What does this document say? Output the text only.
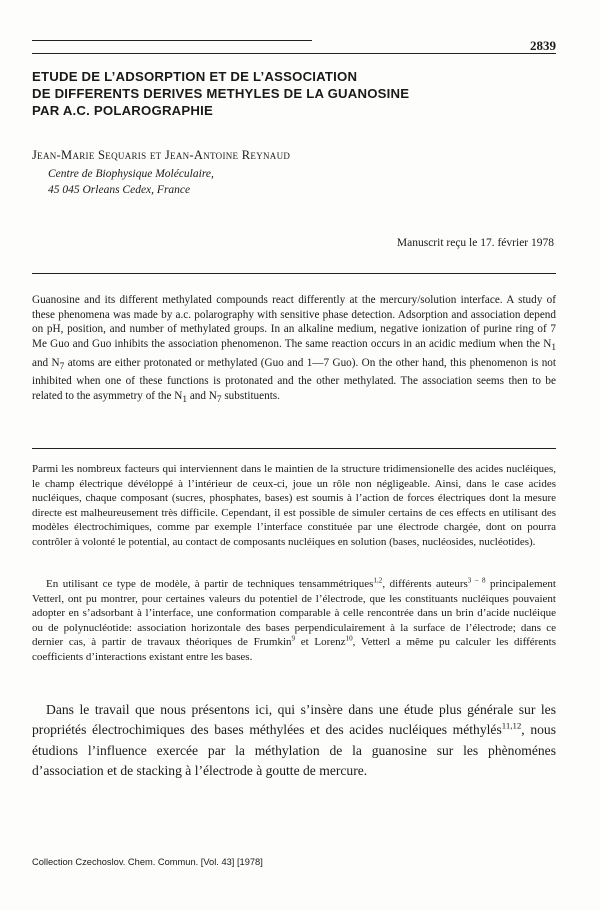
2839
ETUDE DE L’ADSORPTION ET DE L’ASSOCIATION
DE DIFFERENTS DERIVES METHYLES DE LA GUANOSINE
PAR A.C. POLAROGRAPHIE
Jean-Marie Sequaris et Jean-Antoine Reynaud
Centre de Biophysique Moléculaire,
45 045 Orleans Cedex, France
Manuscrit reçu le 17. février 1978
Guanosine and its different methylated compounds react differently at the mercury/solution interface. A study of these phenomena was made by a.c. polarography with sensitive phase detection. Adsorption and association depend on pH, position, and number of methylated groups. In an alkaline medium, negative ionization of purine ring of 7 Me Guo and Guo inhibits the association phenomenon. The same reaction occurs in an acidic medium when the $N_1$ and $N_7$ atoms are either protonated or methylated (Guo and 1—7 Guo). On the other hand, this phenomenon is not inhibited when one of these functions is protonated and the other methylated. The association seems then to be related to the asymmetry of the $N_1$ and $N_7$ substituents.

Parmi les nombreux facteurs qui interviennent dans le maintien de la structure tridimensionelle des acides nucléiques, le champ électrique dévéloppé à l’intérieur de ceux-ci, joue un rôle non négligeable. Ainsi, dans le case acides nucléiques, chaque composant (sucres, phosphates, bases) est soumis à l’action de forces électriques dont la mesure directe est malheureusement très difficile. Cependant, il est possible de simuler certains de ces effects en utilisant des modèles électrochimiques, comme par exemple l’interface constituée par une électrode chargée, dont on pourra contrôler à volonté le potential, au contact de composants nucléiques en solution (bases, nucléosides, nucléotides).

En utilisant ce type de modèle, à partir de techniques tensammétriques$^{1,2}$, différents auteurs$^{3 - 8}$ principalement Vetterl, ont pu montrer, pour certaines valeurs du potentiel de l’électrode, que les constituants nucléiques pouvaient adopter en s’adsorbant à l’interface, une conformation comparable à celle rencontrée dans un brin d’acide nucléique ou de polynucléotide: association horizontale des bases perpendiculairement à la surface de l’électrode; dans ce dernier cas, à partir de travaux théoriques de Frumkin$^9$ et Lorenz$^{10}$, Vetterl a même pu calculer les différents coefficients d’interactions existant entre les bases.

Dans le travail que nous présentons ici, qui s’insère dans une étude plus générale sur les propriétés électrochimiques des bases méthylées et des acides nucléiques méthylés$^{11,12}$, nous étudions l’influence exercée par la méthylation de la guanosine sur les phènoménes d’association et de stacking à l’électrode à goutte de mercure.

Collection Czechoslov. Chem. Commun. [Vol. 43] [1978]
